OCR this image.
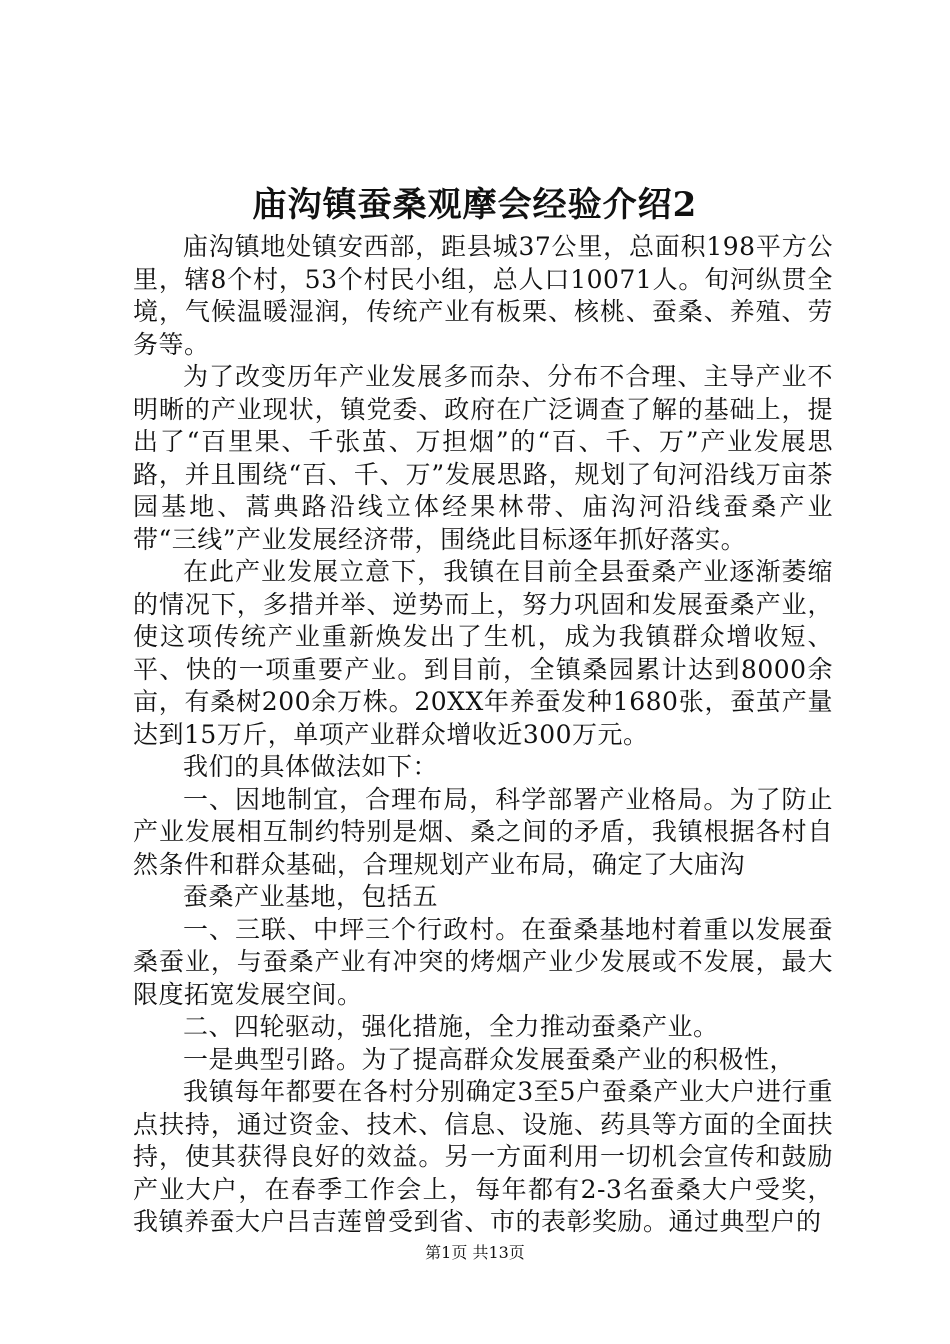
庙沟镇蚕桑观摩会经验介绍2

庙沟镇地处镇安西部，距县城37公里，总面积198平方公里，辖8个村，53个村民小组，总人口10071人。旬河纵贯全境，气候温暖湿润，传统产业有板栗、核桃、蚕桑、养殖、劳务等。

为了改变历年产业发展多而杂、分布不合理、主导产业不明晰的产业现状，镇党委、政府在广泛调查了解的基础上，提出了“百里果、千张茧、万担烟”的“百、千、万”产业发展思路，并且围绕“百、千、万”发展思路，规划了旬河沿线万亩茶园基地、蒿典路沿线立体经果林带、庙沟河沿线蚕桑产业带“三线”产业发展经济带，围绕此目标逐年抓好落实。

在此产业发展立意下，我镇在目前全县蚕桑产业逐渐萎缩的情况下，多措并举、逆势而上，努力巩固和发展蚕桑产业，使这项传统产业重新焕发出了生机，成为我镇群众增收短、平、快的一项重要产业。到目前，全镇桑园累计达到8000余亩，有桑树200余万株。20XX年养蚕发种1680张，蚕茧产量达到15万斤，单项产业群众增收近300万元。

我们的具体做法如下：

一、因地制宜，合理布局，科学部署产业格局。为了防止产业发展相互制约特别是烟、桑之间的矛盾，我镇根据各村自然条件和群众基础，合理规划产业布局，确定了大庙沟

蚕桑产业基地，包括五

一、三联、中坪三个行政村。在蚕桑基地村着重以发展蚕桑蚕业，与蚕桑产业有冲突的烤烟产业少发展或不发展，最大限度拓宽发展空间。

二、四轮驱动，强化措施，全力推动蚕桑产业。

一是典型引路。为了提高群众发展蚕桑产业的积极性，

我镇每年都要在各村分别确定3至5户蚕桑产业大户进行重点扶持，通过资金、技术、信息、设施、药具等方面的全面扶持，使其获得良好的效益。另一方面利用一切机会宣传和鼓励产业大户，在春季工作会上，每年都有2-3名蚕桑大户受奖，我镇养蚕大户吕吉莲曾受到省、市的表彰奖励。通过典型户的

第1页 共13页
